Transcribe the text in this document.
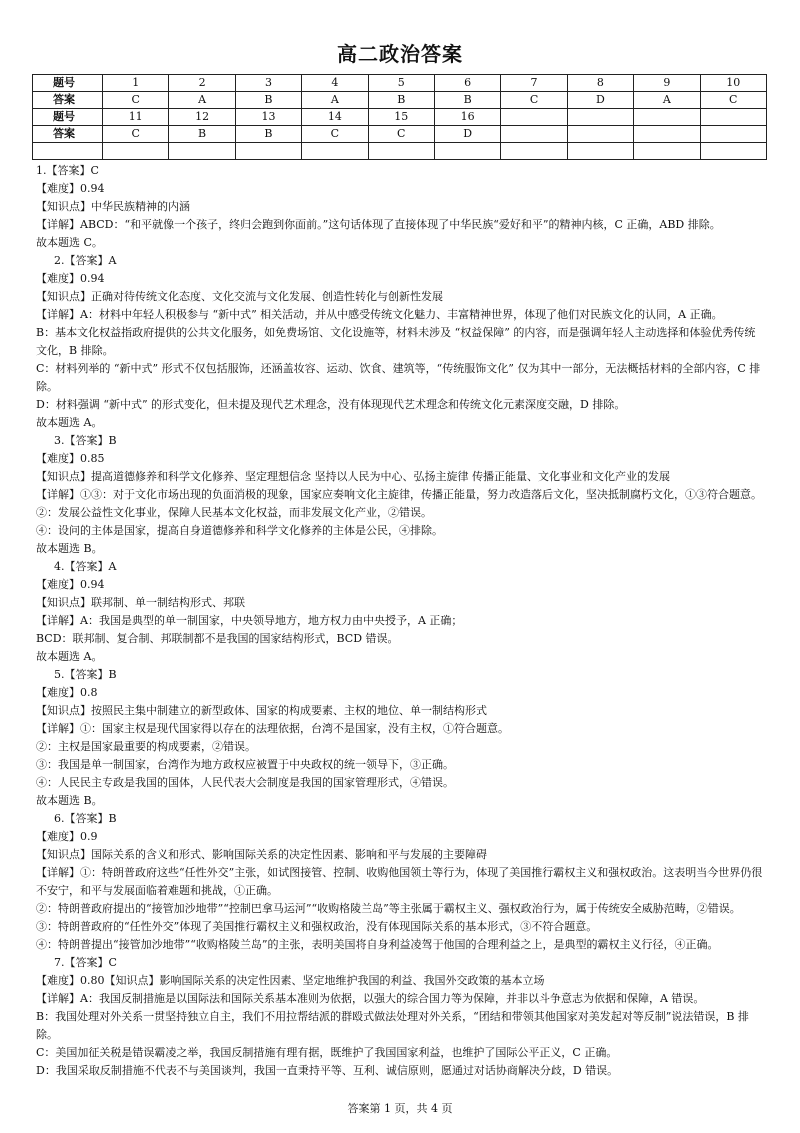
高二政治答案
题号	1	2	3	4	5	6	7	8	9	10
答案	C	A	B	A	B	B	C	D	A	C
题号	11	12	13	14	15	16				
答案	C	B	B	C	C	D				

1.【答案】C
【难度】0.94
【知识点】中华民族精神的内涵
【详解】ABCD：“和平就像一个孩子，终归会跑到你面前。”这句话体现了直接体现了中华民族“爱好和平”的精神内核，C 正确，ABD 排除。
故本题选 C。
2.【答案】A
【难度】0.94
【知识点】正确对待传统文化态度、文化交流与文化发展、创造性转化与创新性发展
【详解】A：材料中年轻人积极参与 “新中式” 相关活动，并从中感受传统文化魅力、丰富精神世界，体现了他们对民族文化的认同，A 正确。
B：基本文化权益指政府提供的公共文化服务，如免费场馆、文化设施等，材料未涉及 “权益保障” 的内容，而是强调年轻人主动选择和体验优秀传统文化，B 排除。
C：材料列举的 “新中式” 形式不仅包括服饰，还涵盖妆容、运动、饮食、建筑等，“传统服饰文化” 仅为其中一部分，无法概括材料的全部内容，C 排除。
D：材料强调 “新中式” 的形式变化，但未提及现代艺术理念，没有体现现代艺术理念和传统文化元素深度交融，D 排除。
故本题选 A。
3.【答案】B
【难度】0.85
【知识点】提高道德修养和科学文化修养、坚定理想信念 坚持以人民为中心、弘扬主旋律 传播正能量、文化事业和文化产业的发展
【详解】①③：对于文化市场出现的负面消极的现象，国家应奏响文化主旋律，传播正能量，努力改造落后文化，坚决抵制腐朽文化，①③符合题意。
②：发展公益性文化事业，保障人民基本文化权益，而非发展文化产业，②错误。
④：设问的主体是国家，提高自身道德修养和科学文化修养的主体是公民，④排除。
故本题选 B。
4.【答案】A
【难度】0.94
【知识点】联邦制、单一制结构形式、邦联
【详解】A：我国是典型的单一制国家，中央领导地方，地方权力由中央授予，A 正确；
BCD：联邦制、复合制、邦联制都不是我国的国家结构形式，BCD 错误。
故本题选 A。
5.【答案】B
【难度】0.8
【知识点】按照民主集中制建立的新型政体、国家的构成要素、主权的地位、单一制结构形式
【详解】①：国家主权是现代国家得以存在的法理依据，台湾不是国家，没有主权，①符合题意。
②：主权是国家最重要的构成要素，②错误。
③：我国是单一制国家，台湾作为地方政权应被置于中央政权的统一领导下，③正确。
④：人民民主专政是我国的国体，人民代表大会制度是我国的国家管理形式，④错误。
故本题选 B。
6.【答案】B
【难度】0.9
【知识点】国际关系的含义和形式、影响国际关系的决定性因素、影响和平与发展的主要障碍
【详解】①：特朗普政府这些“任性外交”主张，如试图接管、控制、收购他国领土等行为，体现了美国推行霸权主义和强权政治。这表明当今世界仍很不安宁，和平与发展面临着难题和挑战，①正确。
②：特朗普政府提出的“接管加沙地带”“控制巴拿马运河”“收购格陵兰岛”等主张属于霸权主义、强权政治行为，属于传统安全威胁范畴，②错误。
③：特朗普政府的“任性外交”体现了美国推行霸权主义和强权政治，没有体现国际关系的基本形式，③不符合题意。
④：特朗普提出“接管加沙地带”“收购格陵兰岛”的主张，表明美国将自身利益凌驾于他国的合理利益之上，是典型的霸权主义行径，④正确。
7.【答案】C
【难度】0.80【知识点】影响国际关系的决定性因素、坚定地维护我国的利益、我国外交政策的基本立场
【详解】A：我国反制措施是以国际法和国际关系基本准则为依据，以强大的综合国力等为保障，并非以斗争意志为依据和保障，A 错误。
B：我国处理对外关系一贯坚持独立自主，我们不用拉帮结派的群殴式做法处理对外关系，“团结和带领其他国家对美发起对等反制”说法错误，B 排除。
C：美国加征关税是错误霸凌之举，我国反制措施有理有据，既维护了我国国家利益，也维护了国际公平正义，C 正确。
D：我国采取反制措施不代表不与美国谈判，我国一直秉持平等、互利、诚信原则，愿通过对话协商解决分歧，D 错误。
答案第 1 页，共 4 页
